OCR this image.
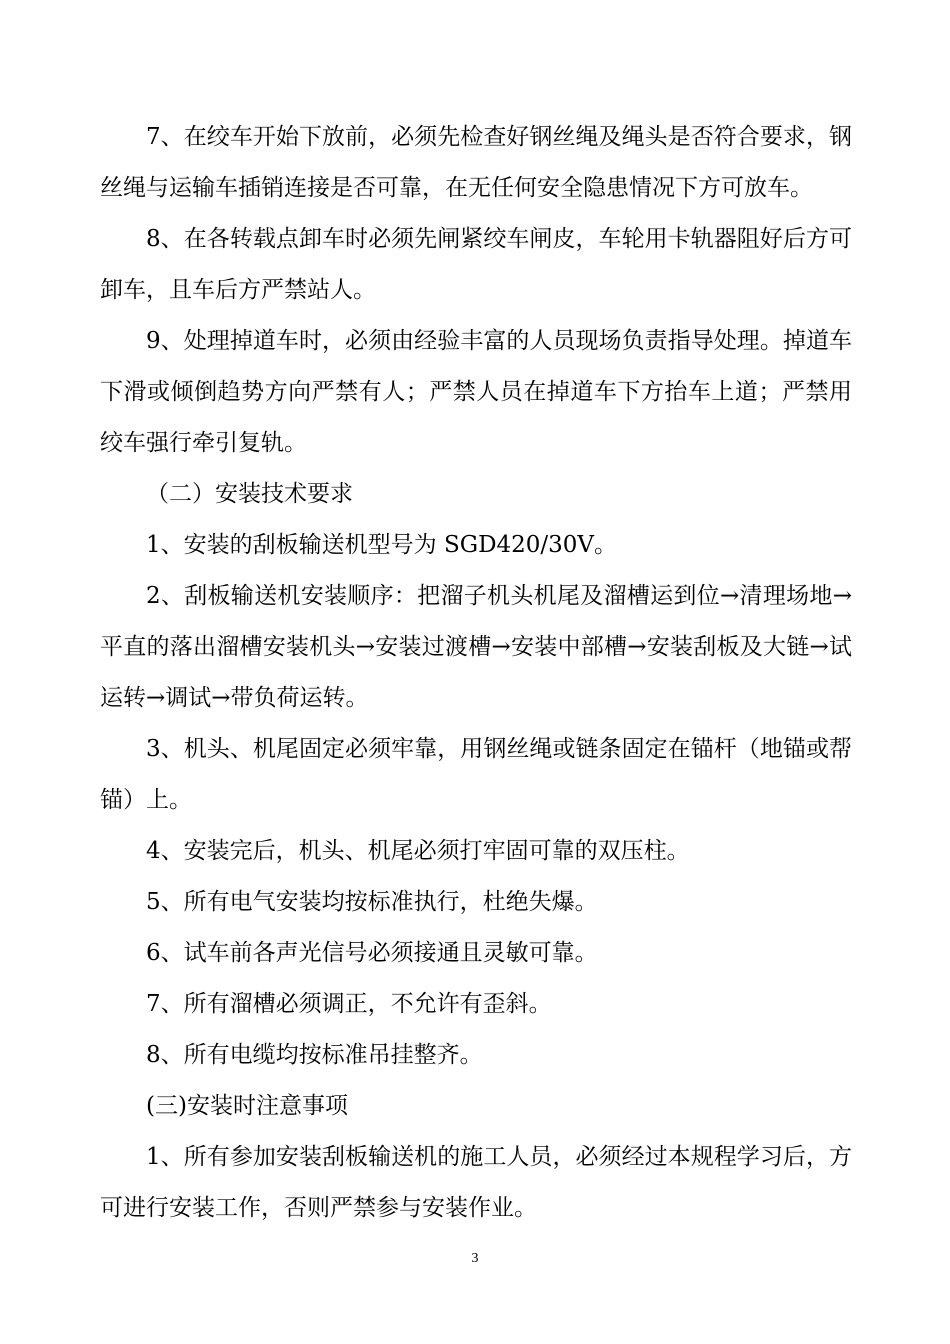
7、在绞车开始下放前，必须先检查好钢丝绳及绳头是否符合要求，钢丝绳与运输车插销连接是否可靠，在无任何安全隐患情况下方可放车。

8、在各转载点卸车时必须先闸紧绞车闸皮，车轮用卡轨器阻好后方可卸车，且车后方严禁站人。

9、处理掉道车时，必须由经验丰富的人员现场负责指导处理。掉道车下滑或倾倒趋势方向严禁有人；严禁人员在掉道车下方抬车上道；严禁用绞车强行牵引复轨。

（二）安装技术要求

1、安装的刮板输送机型号为 SGD420/30V。

2、刮板输送机安装顺序：把溜子机头机尾及溜槽运到位→清理场地→平直的落出溜槽安装机头→安装过渡槽→安装中部槽→安装刮板及大链→试运转→调试→带负荷运转。

3、机头、机尾固定必须牢靠，用钢丝绳或链条固定在锚杆（地锚或帮锚）上。

4、安装完后，机头、机尾必须打牢固可靠的双压柱。

5、所有电气安装均按标准执行，杜绝失爆。

6、试车前各声光信号必须接通且灵敏可靠。

7、所有溜槽必须调正，不允许有歪斜。

8、所有电缆均按标准吊挂整齐。

(三)安装时注意事项

1、所有参加安装刮板输送机的施工人员，必须经过本规程学习后，方可进行安装工作，否则严禁参与安装作业。

3
